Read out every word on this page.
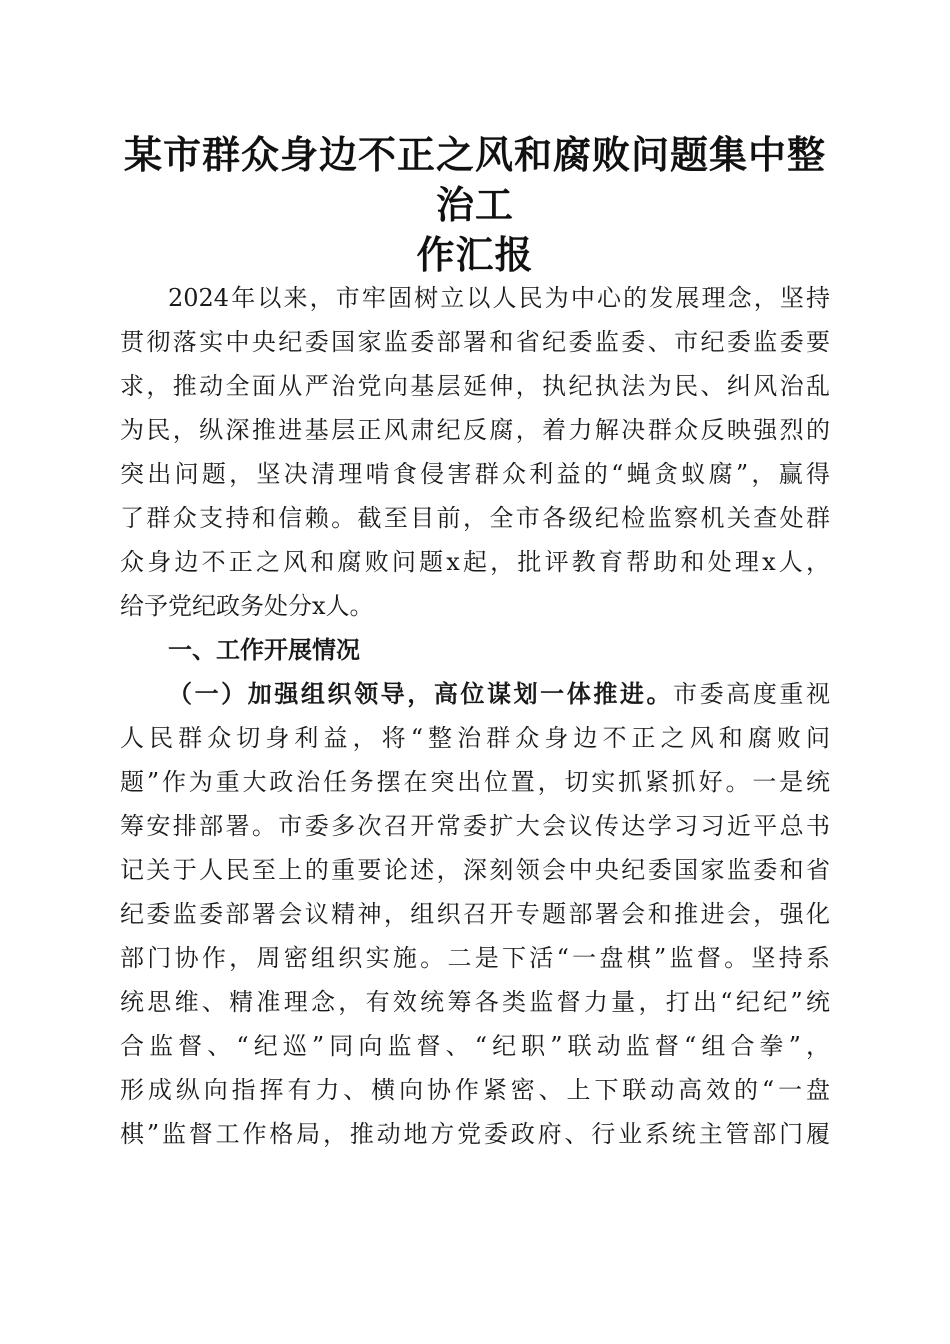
某市群众身边不正之风和腐败问题集中整治工
作汇报
2024年以来，市牢固树立以人民为中心的发展理念，坚持
贯彻落实中央纪委国家监委部署和省纪委监委、市纪委监委要
求，推动全面从严治党向基层延伸，执纪执法为民、纠风治乱
为民，纵深推进基层正风肃纪反腐，着力解决群众反映强烈的
突出问题，坚决清理啃食侵害群众利益的“蝇贪蚁腐”，赢得
了群众支持和信赖。截至目前，全市各级纪检监察机关查处群
众身边不正之风和腐败问题x起，批评教育帮助和处理x人，
给予党纪政务处分x人。
一、工作开展情况
（一）加强组织领导，高位谋划一体推进。市委高度重视
人民群众切身利益，将“整治群众身边不正之风和腐败问
题”作为重大政治任务摆在突出位置，切实抓紧抓好。一是统
筹安排部署。市委多次召开常委扩大会议传达学习习近平总书
记关于人民至上的重要论述，深刻领会中央纪委国家监委和省
纪委监委部署会议精神，组织召开专题部署会和推进会，强化
部门协作，周密组织实施。二是下活“一盘棋”监督。坚持系
统思维、精准理念，有效统筹各类监督力量，打出“纪纪”统
合监督、“纪巡”同向监督、“纪职”联动监督“组合拳”，
形成纵向指挥有力、横向协作紧密、上下联动高效的“一盘
棋”监督工作格局，推动地方党委政府、行业系统主管部门履
